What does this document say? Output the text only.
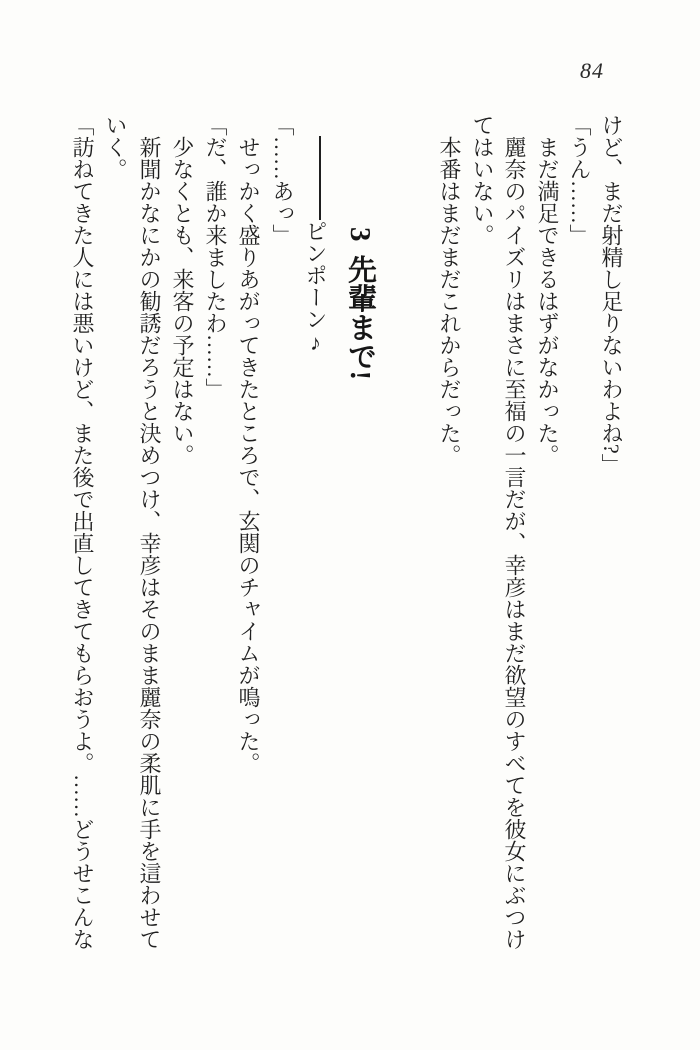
84
けど、まだ射精し足りないわよね?」
「うん……」
まだ満足できるはずがなかった。
麗奈のパイズリはまさに至福の一言だが、幸彦はまだ欲望のすべてを彼女にぶつけ
てはいない。
本番はまだまだこれからだった。
3先輩まで!
ピンポーン♪
「……あっ」
せっかく盛りあがってきたところで、玄関のチャイムが鳴った。
「だ、誰か来ましたわ……」
少なくとも、来客の予定はない。
新聞かなにかの勧誘だろうと決めつけ、幸彦はそのまま麗奈の柔肌に手を這わせて
いく。
「訪ねてきた人には悪いけど、また後で出直してきてもらおうよ。……どうせこんな
